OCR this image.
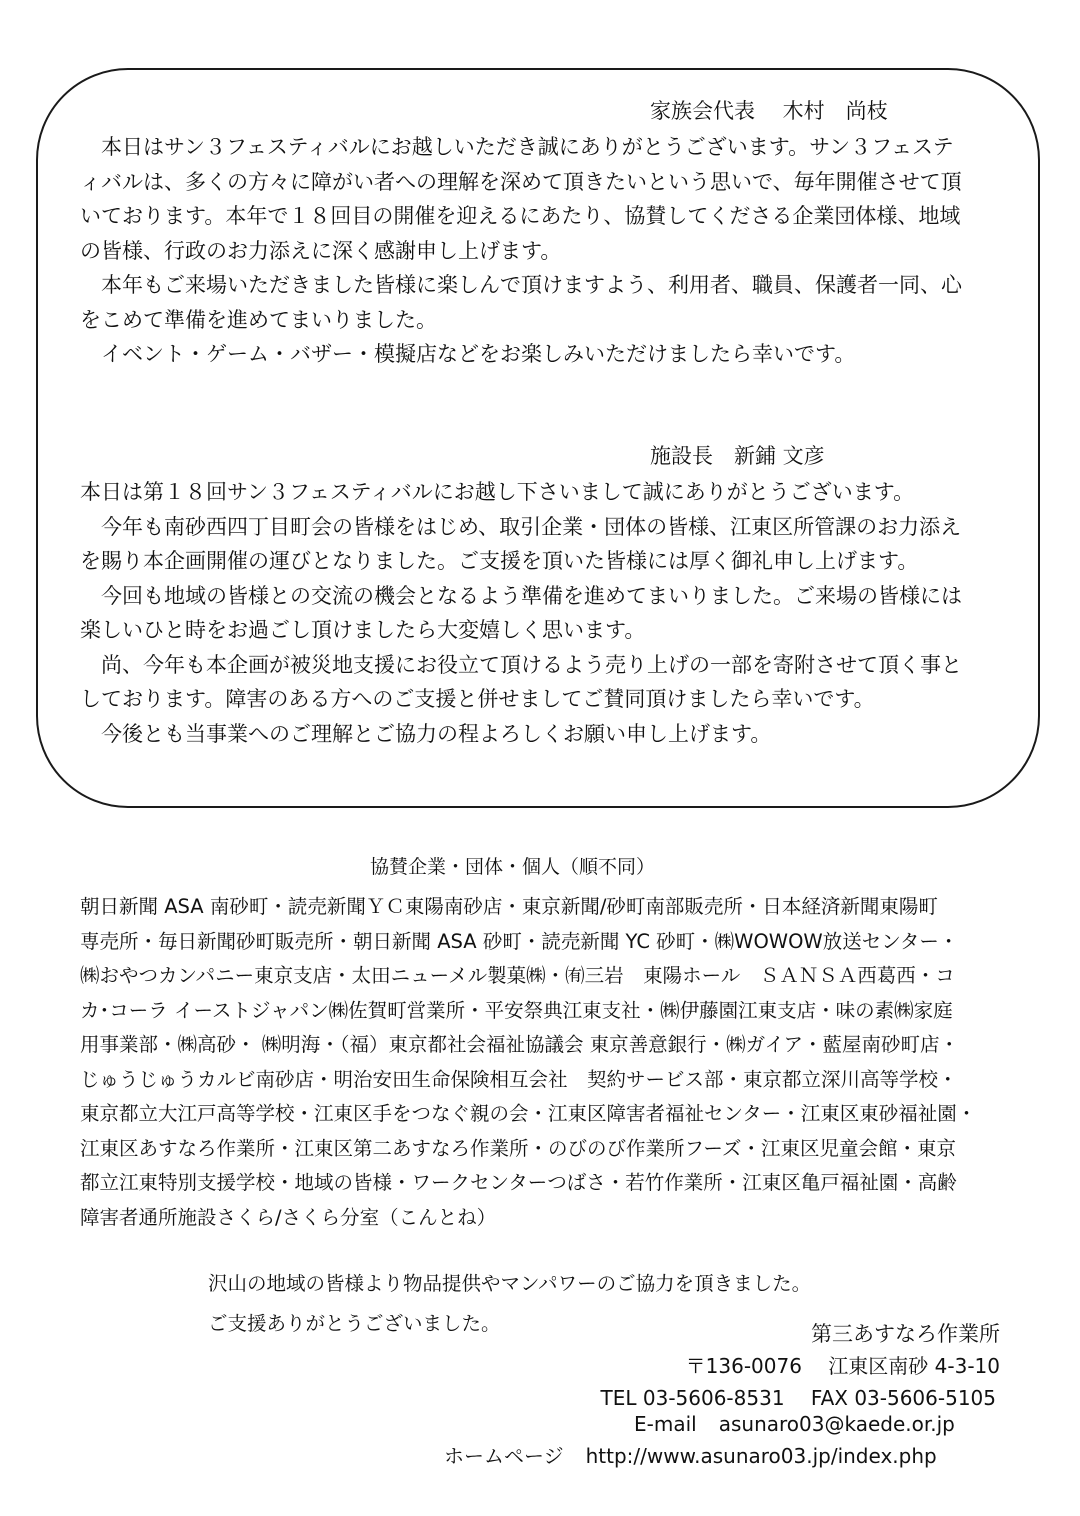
家族会代表　 木村　尚枝

　本日はサン３フェスティバルにお越しいただき誠にありがとうございます。サン３フェステ

ィバルは、多くの方々に障がい者への理解を深めて頂きたいという思いで、毎年開催させて頂

いております。本年で１８回目の開催を迎えるにあたり、協賛してくださる企業団体様、地域

の皆様、行政のお力添えに深く感謝申し上げます。

　本年もご来場いただきました皆様に楽しんで頂けますよう、利用者、職員、保護者一同、心

をこめて準備を進めてまいりました。

　イベント・ゲーム・バザー・模擬店などをお楽しみいただけましたら幸いです。

施設長　新鋪 文彦

本日は第１８回サン３フェスティバルにお越し下さいまして誠にありがとうございます。

　今年も南砂西四丁目町会の皆様をはじめ、取引企業・団体の皆様、江東区所管課のお力添え

を賜り本企画開催の運びとなりました。ご支援を頂いた皆様には厚く御礼申し上げます。

　今回も地域の皆様との交流の機会となるよう準備を進めてまいりました。ご来場の皆様には

楽しいひと時をお過ごし頂けましたら大変嬉しく思います。

　尚、今年も本企画が被災地支援にお役立て頂けるよう売り上げの一部を寄附させて頂く事と

しております。障害のある方へのご支援と併せましてご賛同頂けましたら幸いです。

　今後とも当事業へのご理解とご協力の程よろしくお願い申し上げます。

協賛企業・団体・個人（順不同）
朝日新聞 ASA 南砂町・読売新聞ＹＣ東陽南砂店・東京新聞/砂町南部販売所・日本経済新聞東陽町
専売所・毎日新聞砂町販売所・朝日新聞 ASA 砂町・読売新聞 YC 砂町・㈱WOWOW放送センター・
㈱おやつカンパニー東京支店・太田ニューメル製菓㈱・㈲三岩　東陽ホール　ＳＡＮＳＡ西葛西・コ
カ･コーラ イーストジャパン㈱佐賀町営業所・平安祭典江東支社・㈱伊藤園江東支店・味の素㈱家庭
用事業部・㈱高砂・ ㈱明海・（福）東京都社会福祉協議会 東京善意銀行・㈱ガイア・藍屋南砂町店・
じゅうじゅうカルビ南砂店・明治安田生命保険相互会社　契約サービス部・東京都立深川高等学校・
東京都立大江戸高等学校・江東区手をつなぐ親の会・江東区障害者福祉センター・江東区東砂福祉園・
江東区あすなろ作業所・江東区第二あすなろ作業所・のびのび作業所フーズ・江東区児童会館・東京
都立江東特別支援学校・地域の皆様・ワークセンターつばさ・若竹作業所・江東区亀戸福祉園・高齢
障害者通所施設さくら/さくら分室（こんとね）
沢山の地域の皆様より物品提供やマンパワーのご協力を頂きました。
ご支援ありがとうございました。	第三あすなろ作業所
〒136-0076　 江東区南砂 4-3-10
TEL 03-5606-8531　 FAX 03-5606-5105
E-mail asunaro03@kaede.or.jp
ホームページ http://www.asunaro03.jp/index.php
